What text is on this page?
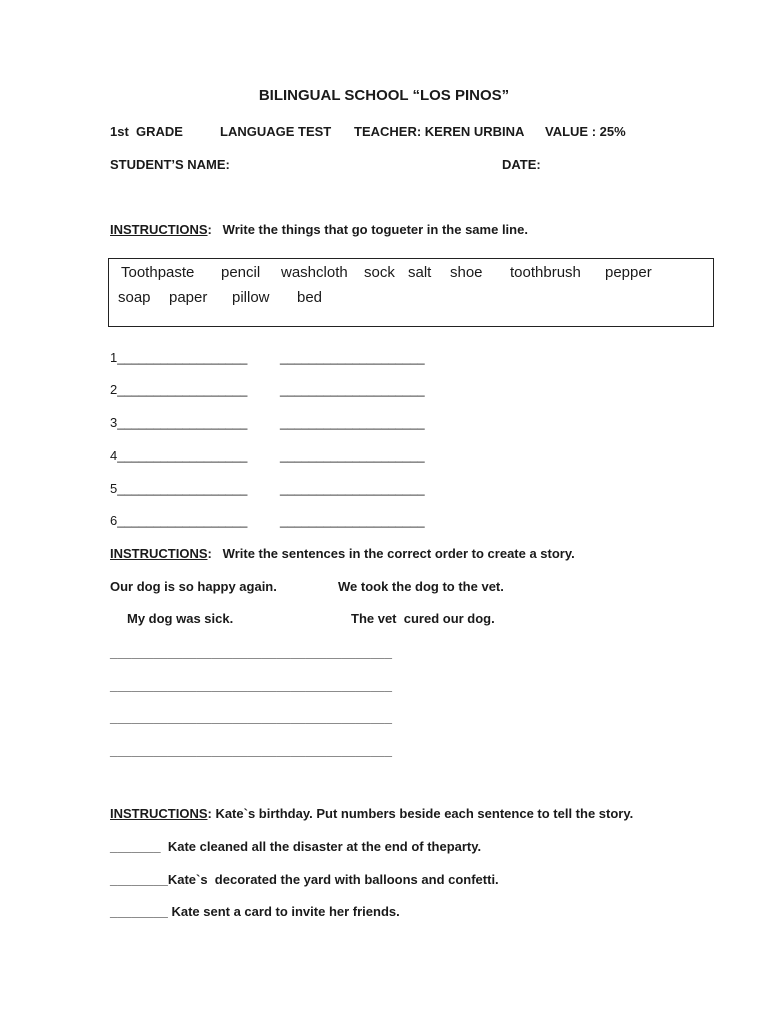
BILINGUAL SCHOOL “LOS PINOS”
1st  GRADE	LANGUAGE TEST TEACHER: KEREN URBINA VALUE : 25%
STUDENT’S NAME:	DATE:
INSTRUCTIONS:   Write the things that go togueter in the same line.
Toothpaste pencil washcloth sock salt shoe toothbrush pepper
soap paper pillow bed
1__________________	____________________
2__________________	____________________
3__________________	____________________
4__________________	____________________
5__________________	____________________
6__________________	____________________
INSTRUCTIONS:   Write the sentences in the correct order to create a story.
Our dog is so happy again.	We took the dog to the vet.
My dog was sick.	The vet  cured our dog.
_______________________________________
_______________________________________
_______________________________________
_______________________________________
INSTRUCTIONS: Kate`s birthday. Put numbers beside each sentence to tell the story.
_______  Kate cleaned all the disaster at the end of theparty.
________Kate`s  decorated the yard with balloons and confetti.
________ Kate sent a card to invite her friends.
